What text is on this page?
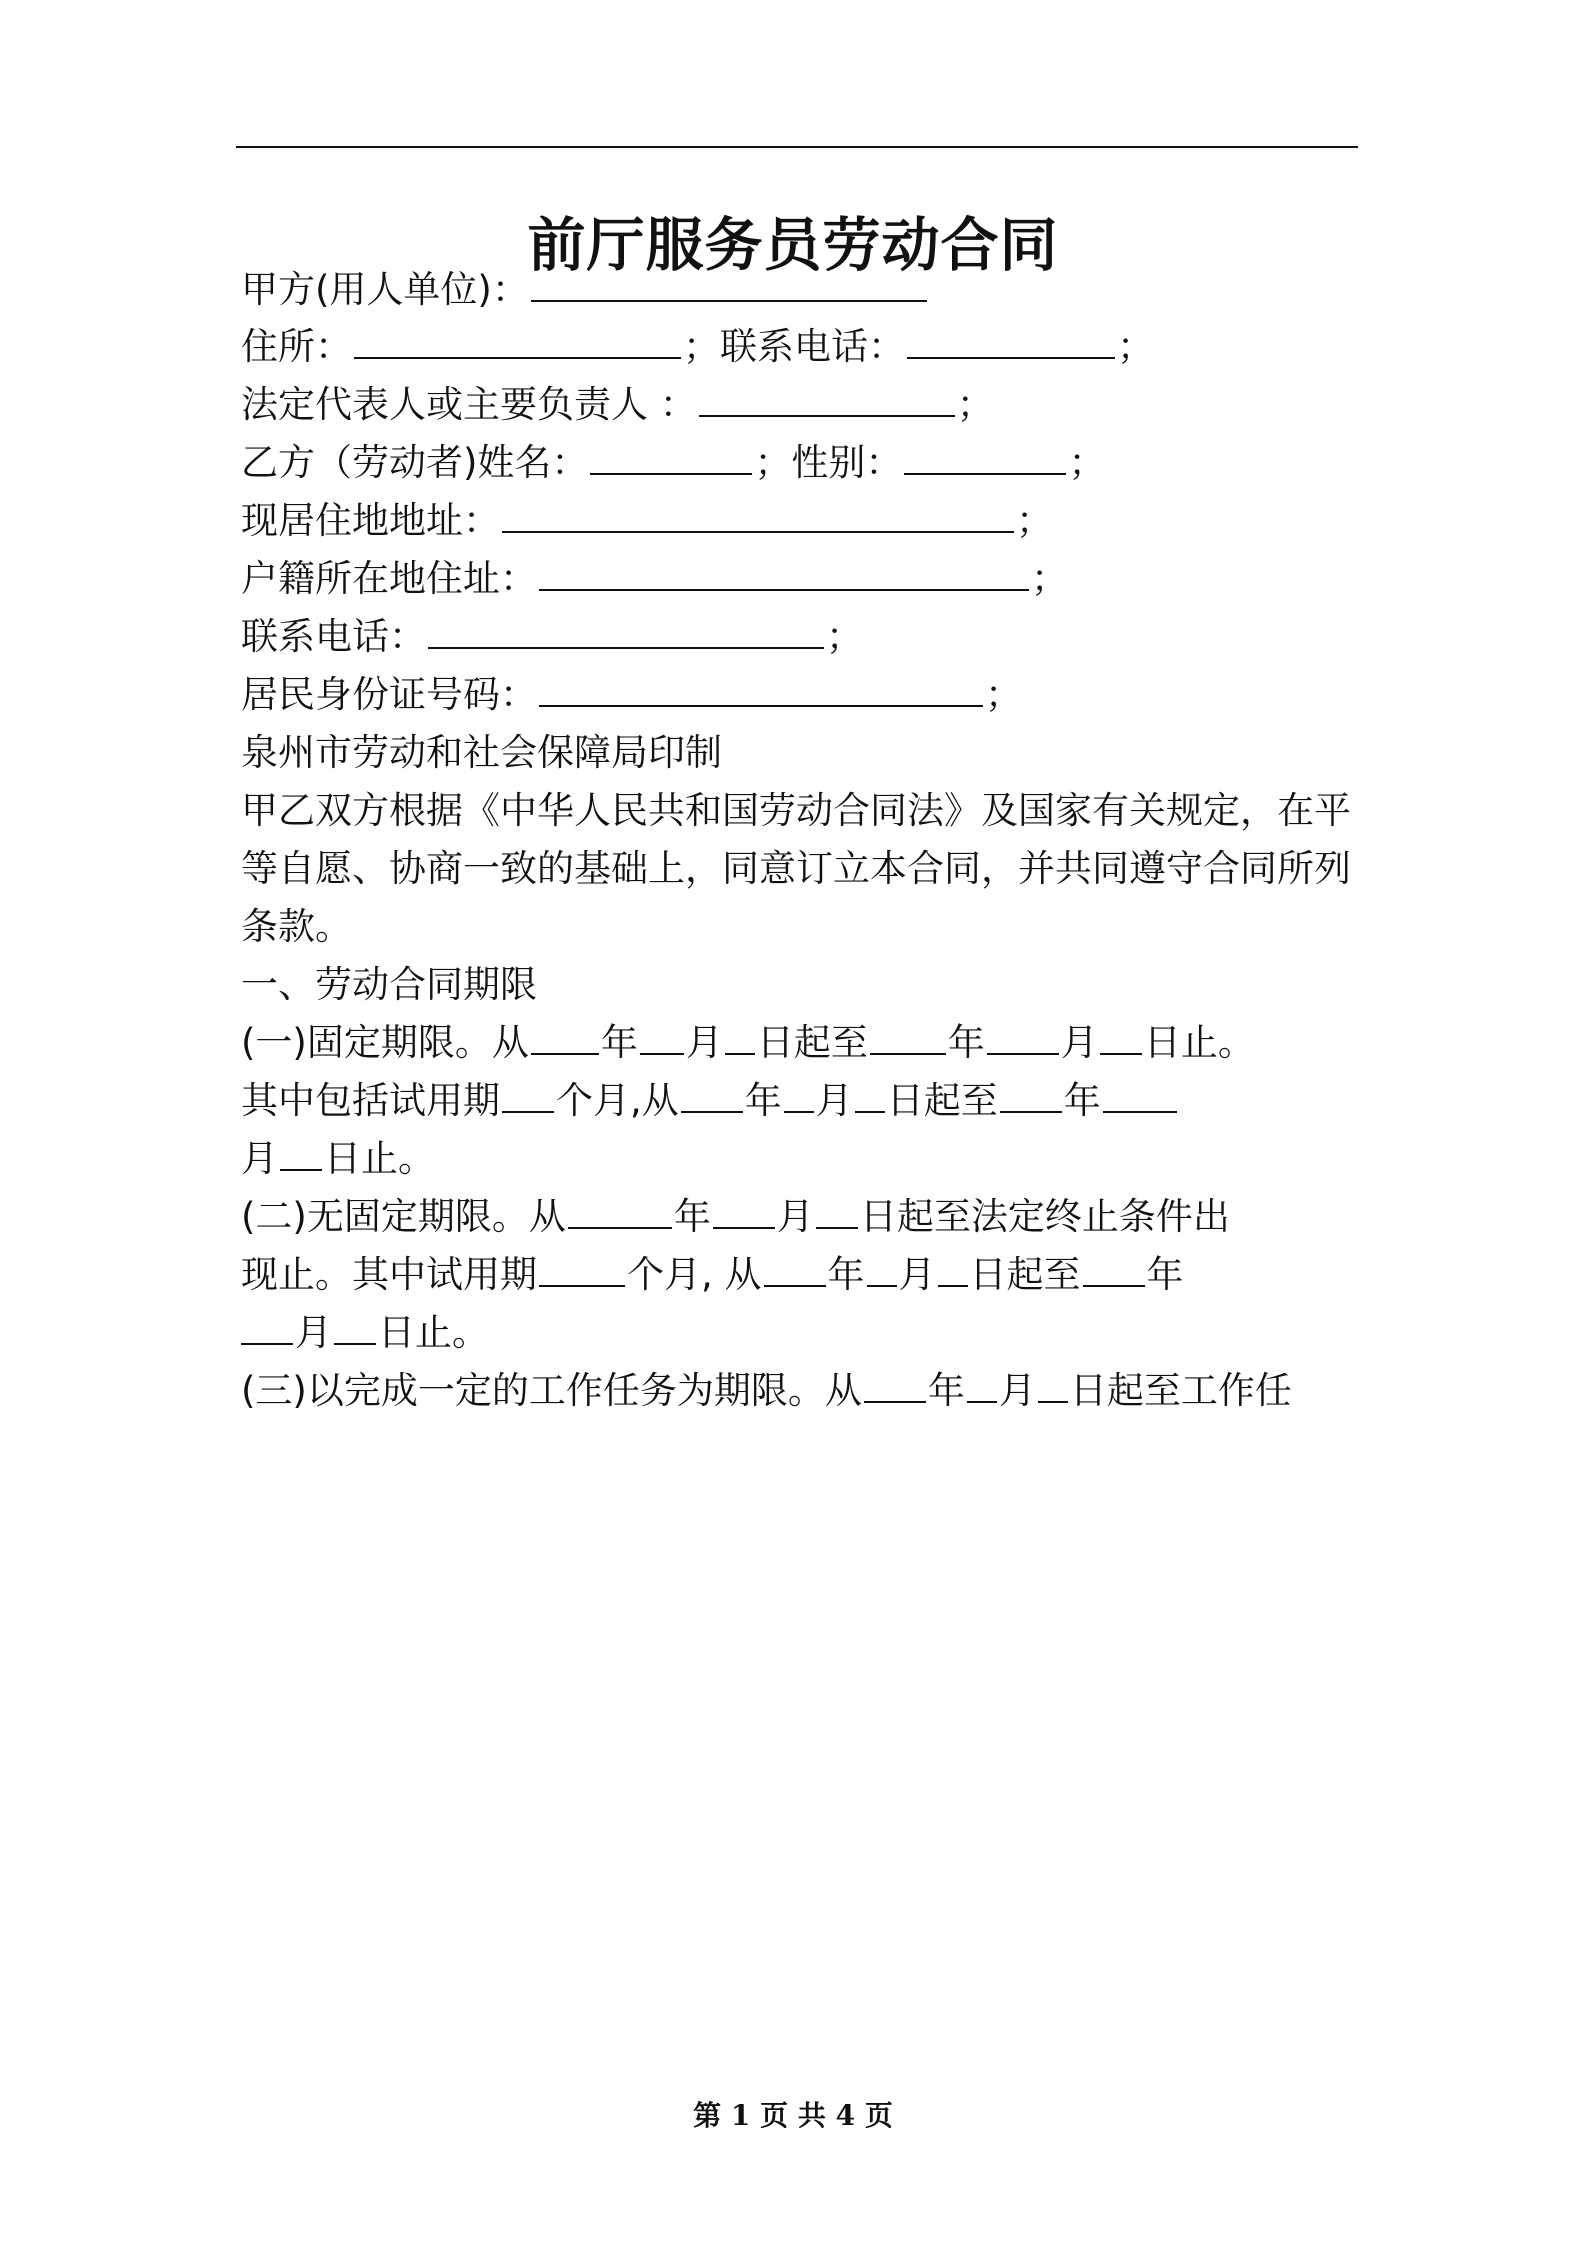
前厅服务员劳动合同
甲方(用人单位)：
住所：	；联系电话：	；
法定代表人或主要负责人 ：	；
乙方（劳动者)姓名：	；性别：	；
现居住地地址：	；
户籍所在地住址：	；
联系电话：	；
居民身份证号码：	；
泉州市劳动和社会保障局印制
甲乙双方根据《中华人民共和国劳动合同法》及国家有关规定，在平
等自愿、协商一致的基础上，同意订立本合同，并共同遵守合同所列
条款。
一、劳动合同期限
(一)固定期限。从 年 月 日起至 年 月 日止。
其中包括试用期 个月,从 年 月 日起至 年
月 日止。
(二)无固定期限。从	年 月 日起至法定终止条件出
现止。其中试用期 个月, 从 年 月 日起至 年
月 日止。
(三)以完成一定的工作任务为期限。从 年 月 日起至工作任
第 1 页 共 4 页
